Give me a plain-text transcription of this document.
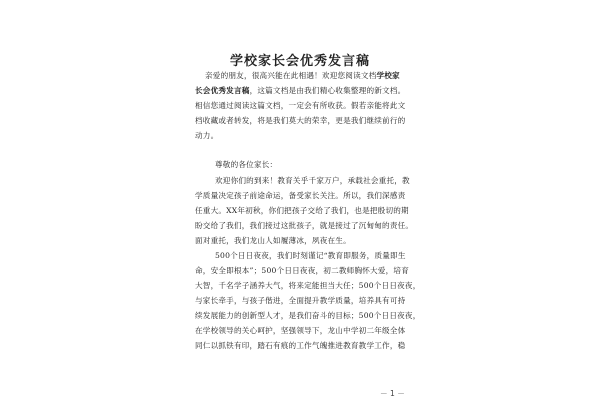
学校家长会优秀发言稿
亲爱的朋友，很高兴能在此相遇！欢迎您阅读文档学校家
长会优秀发言稿，这篇文档是由我们精心收集整理的新文档。
相信您通过阅读这篇文档，一定会有所收获。假若亲能将此文
档收藏或者转发，将是我们莫大的荣幸，更是我们继续前行的
动力。
尊敬的各位家长：
欢迎你们的到来！教育关乎千家万户，承载社会重托，教
学质量决定孩子前途命运，备受家长关注。所以，我们深感责
任重大。XX年初秋，你们把孩子交给了我们，也是把殷切的期
盼交给了我们，我们接过这批孩子，就是接过了沉甸甸的责任。
面对重托，我们龙山人如履薄冰，夙夜在生。
500个日日夜夜，我们时刻谨记“教育即服务，质量即生
命，安全即根本”；500个日日夜夜，初二教师胸怀大爱，培育
大智，千名学子涵养大气，将来定能担当大任；500个日日夜夜，
与家长牵手，与孩子偕进，全面提升教学质量，培养具有可持
续发展能力的创新型人才，是我们奋斗的目标；500个日日夜夜，
在学校领导的关心呵护，坚强领导下，龙山中学初二年级全体
同仁以抓铁有印，踏石有痕的工作气魄推进教育教学工作，稳
－ 1 －
